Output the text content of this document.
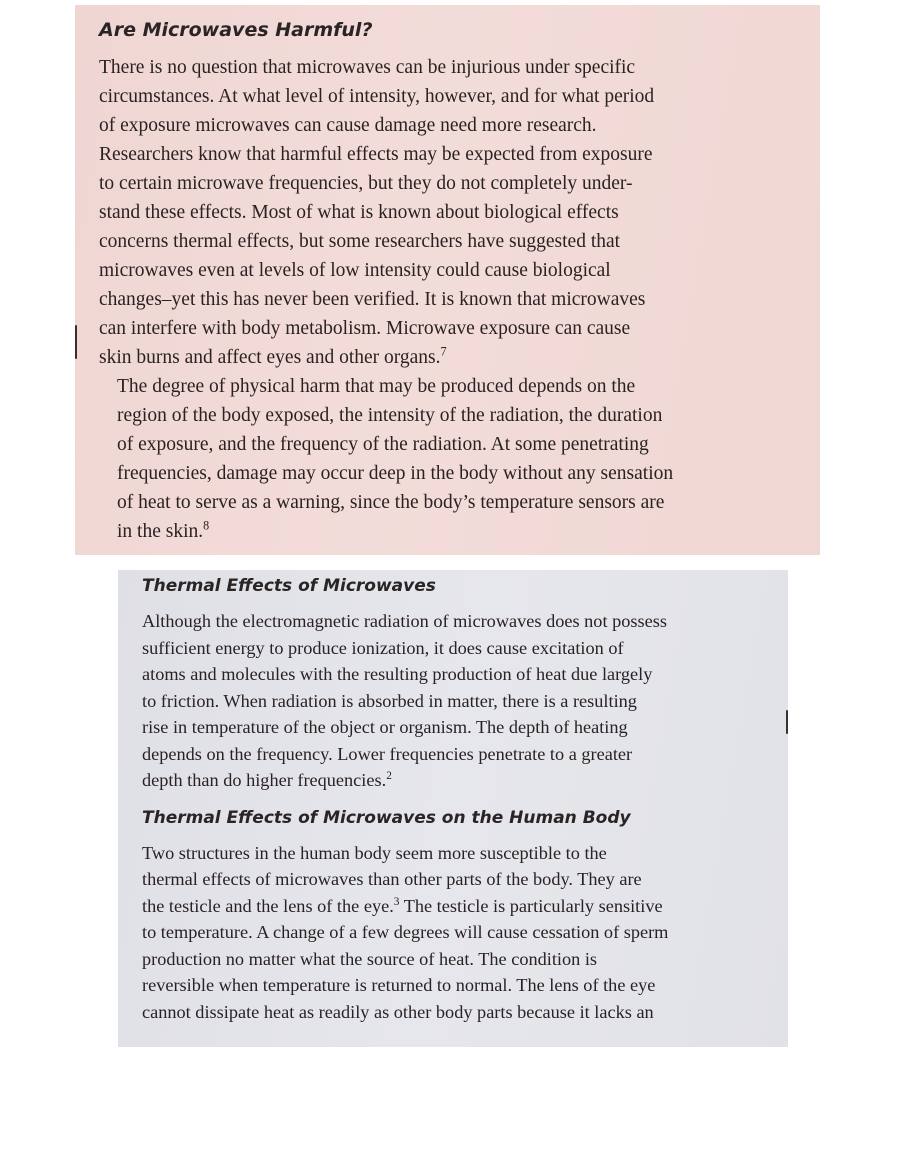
Are Microwaves Harmful?

There is no question that microwaves can be injurious under specific
circumstances. At what level of intensity, however, and for what period
of exposure microwaves can cause damage need more research.
Researchers know that harmful effects may be expected from exposure
to certain microwave frequencies, but they do not completely under-
stand these effects. Most of what is known about biological effects
concerns thermal effects, but some researchers have suggested that
microwaves even at levels of low intensity could cause biological
changes–yet this has never been verified. It is known that microwaves
can interfere with body metabolism. Microwave exposure can cause
skin burns and affect eyes and other organs.$^7$

The degree of physical harm that may be produced depends on the
region of the body exposed, the intensity of the radiation, the duration
of exposure, and the frequency of the radiation. At some penetrating
frequencies, damage may occur deep in the body without any sensation
of heat to serve as a warning, since the body’s temperature sensors are
in the skin.$^8$

Thermal Effects of Microwaves

Although the electromagnetic radiation of microwaves does not possess
sufficient energy to produce ionization, it does cause excitation of
atoms and molecules with the resulting production of heat due largely
to friction. When radiation is absorbed in matter, there is a resulting
rise in temperature of the object or organism. The depth of heating
depends on the frequency. Lower frequencies penetrate to a greater
depth than do higher frequencies.$^2$

Thermal Effects of Microwaves on the Human Body

Two structures in the human body seem more susceptible to the
thermal effects of microwaves than other parts of the body. They are
the testicle and the lens of the eye.$^3$ The testicle is particularly sensitive
to temperature. A change of a few degrees will cause cessation of sperm
production no matter what the source of heat. The condition is
reversible when temperature is returned to normal. The lens of the eye
cannot dissipate heat as readily as other body parts because it lacks an
